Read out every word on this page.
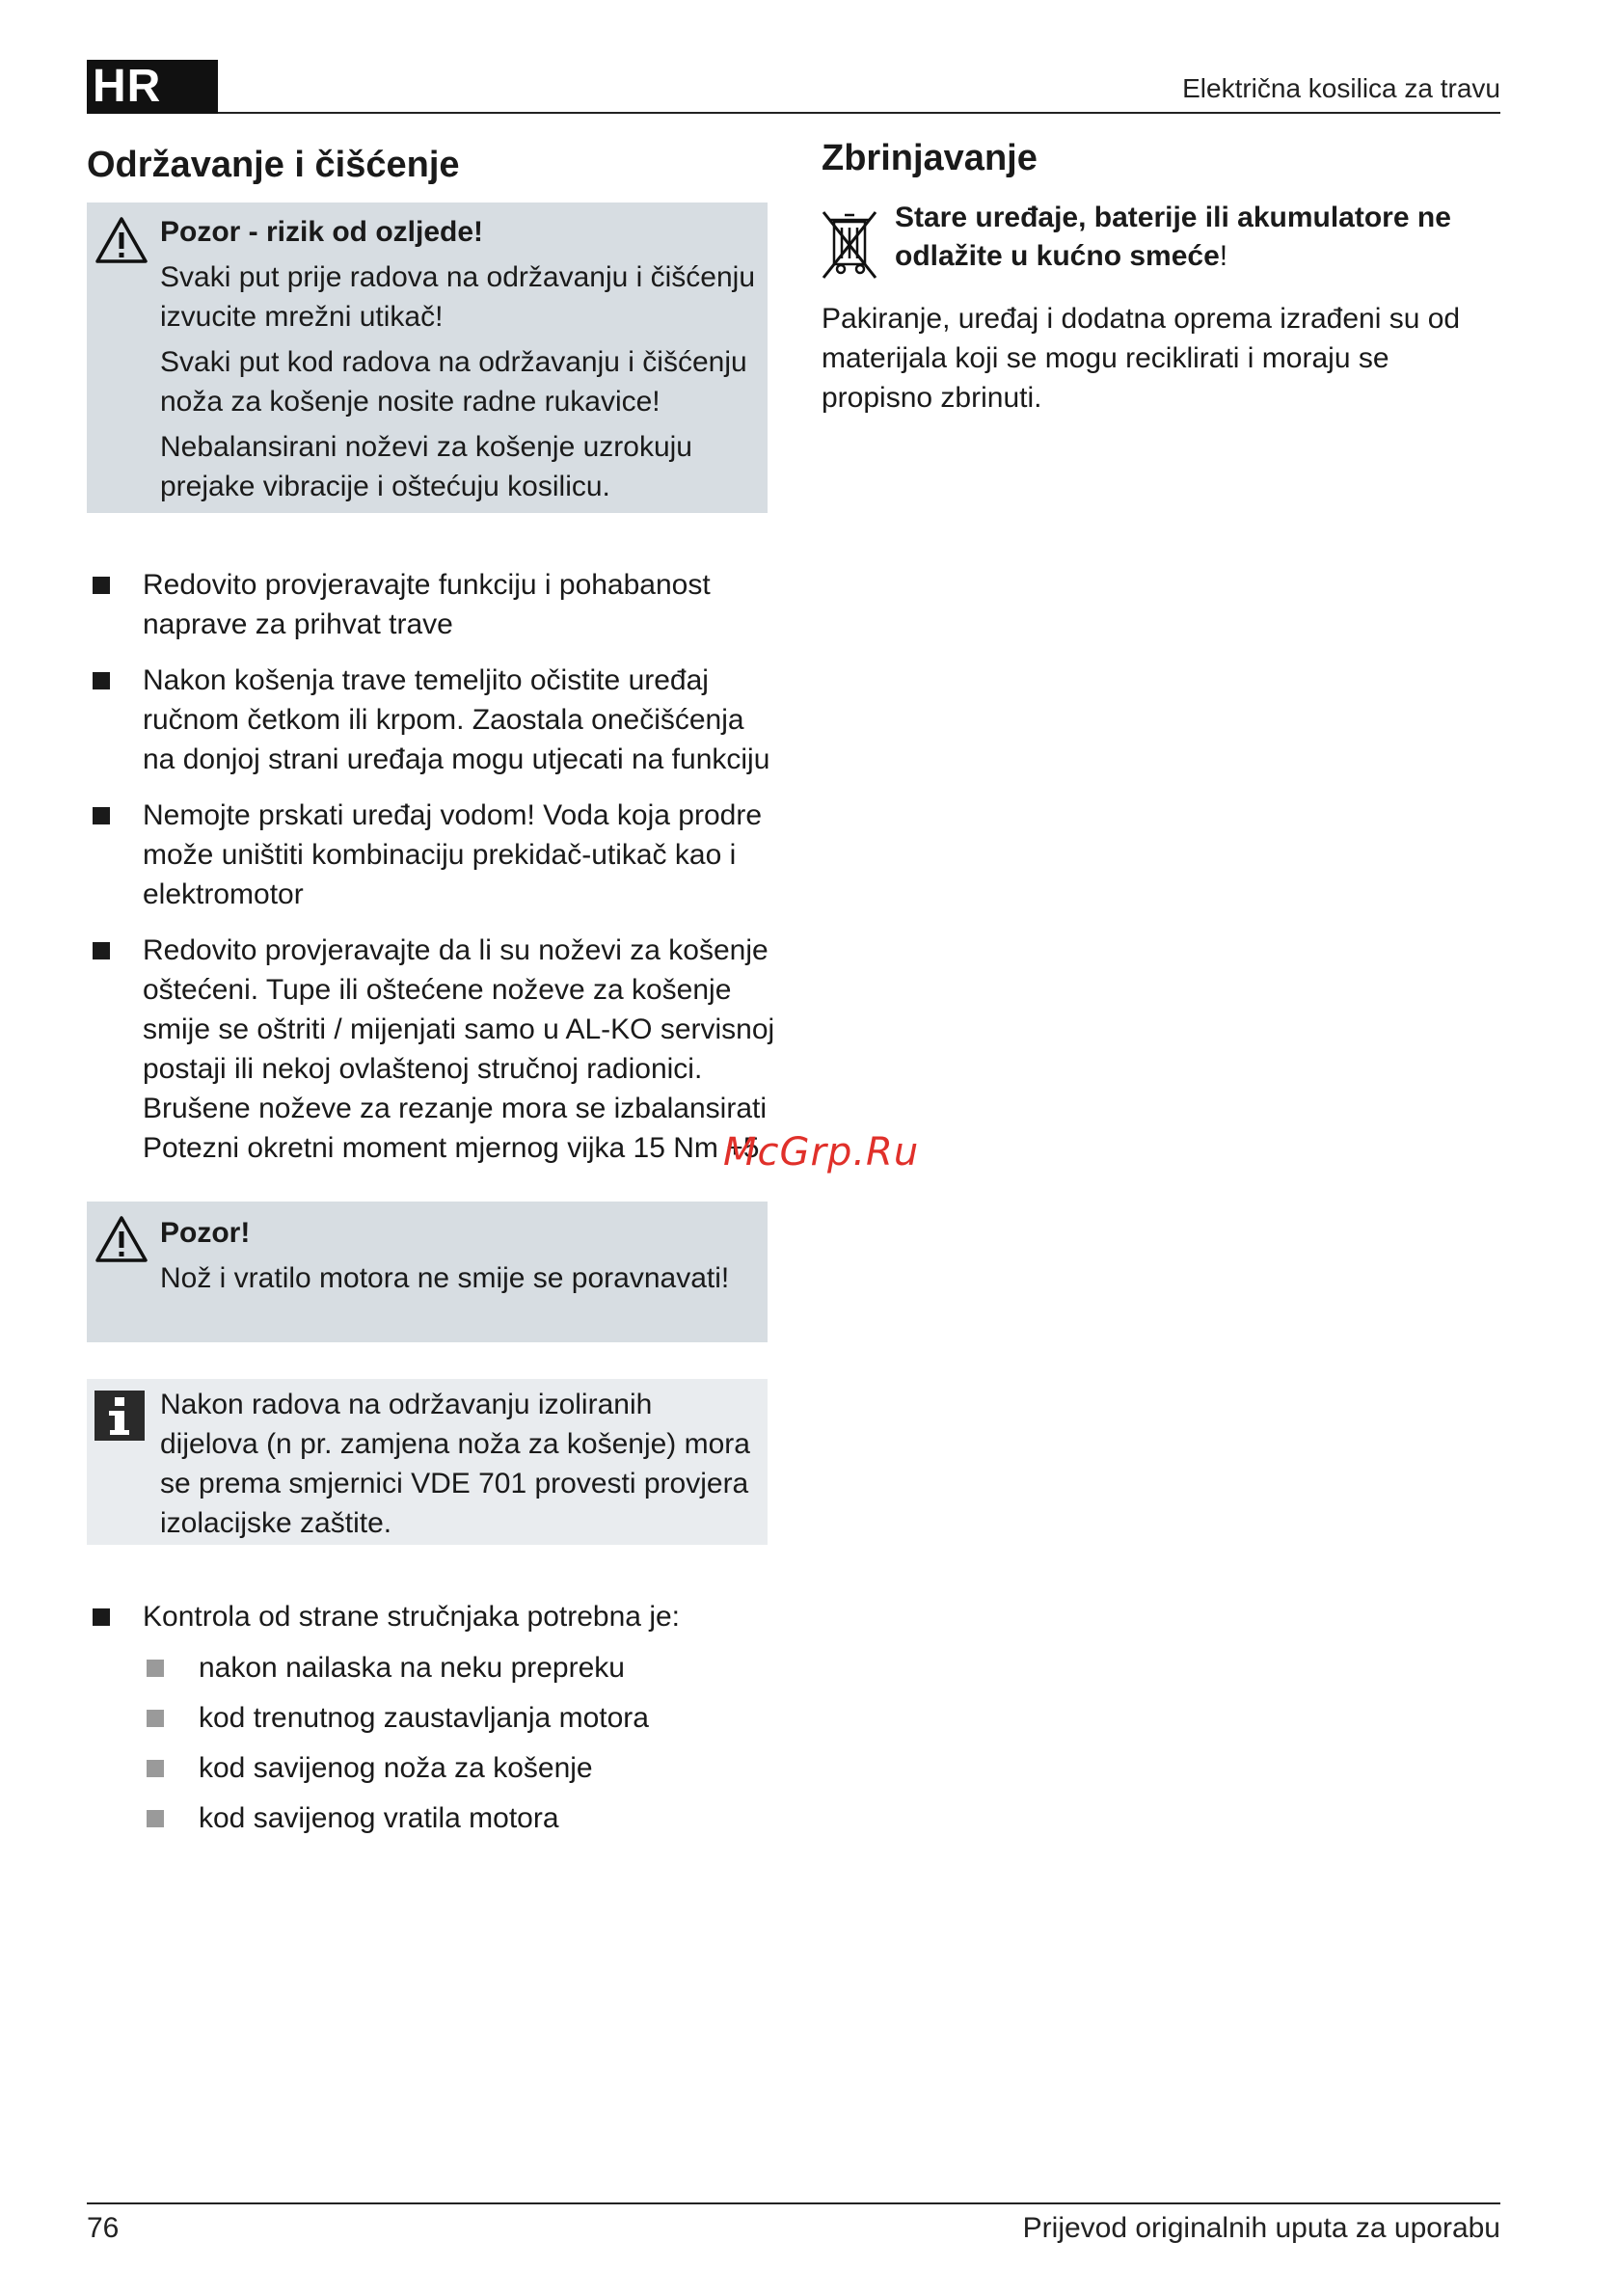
HR	Električna kosilica za travu
Održavanje i čišćenje

Pozor - rizik od ozljede!

Svaki put prije radova na održavanju i čišćenju izvucite mrežni utikač!

Svaki put kod radova na održavanju i čišćenju noža za košenje nosite radne rukavice!

Nebalansirani noževi za košenje uzrokuju prejake vibracije i oštećuju kosilicu.

Redovito provjeravajte funkciju i pohabanost naprave za prihvat trave
Nakon košenja trave temeljito očistite uređaj ručnom četkom ili krpom. Zaostala onečišćenja na donjoj strani uređaja mogu utjecati na funkciju
Nemojte prskati uređaj vodom! Voda koja prodre može uništiti kombinaciju prekidač-utikač kao i elektromotor
Redovito provjeravajte da li su noževi za košenje oštećeni. Tupe ili oštećene noževe za košenje smije se oštriti / mijenjati samo u AL-KO servisnoj postaji ili nekoj ovlaštenoj stručnoj radionici. Brušene noževe za rezanje mora se izbalansirati
Potezni okretni moment mjernog vijka 15 Nm +5

Pozor!

Nož i vratilo motora ne smije se poravnavati!

Nakon radova na održavanju izoliranih dijelova (n pr. zamjena noža za košenje) mora se prema smjernici VDE 701 provesti provjera izolacijske zaštite.

Kontrola od strane stručnjaka potrebna je:
nakon nailaska na neku prepreku
kod trenutnog zaustavljanja motora
kod savijenog noža za košenje
kod savijenog vratila motora
Zbrinjavanje
Stare uređaje, baterije ili akumulatore ne odlažite u kućno smeće!
Pakiranje, uređaj i dodatna oprema izrađeni su od materijala koji se mogu reciklirati i moraju se propisno zbrinuti.
McGrp.Ru
76	Prijevod originalnih uputa za uporabu
